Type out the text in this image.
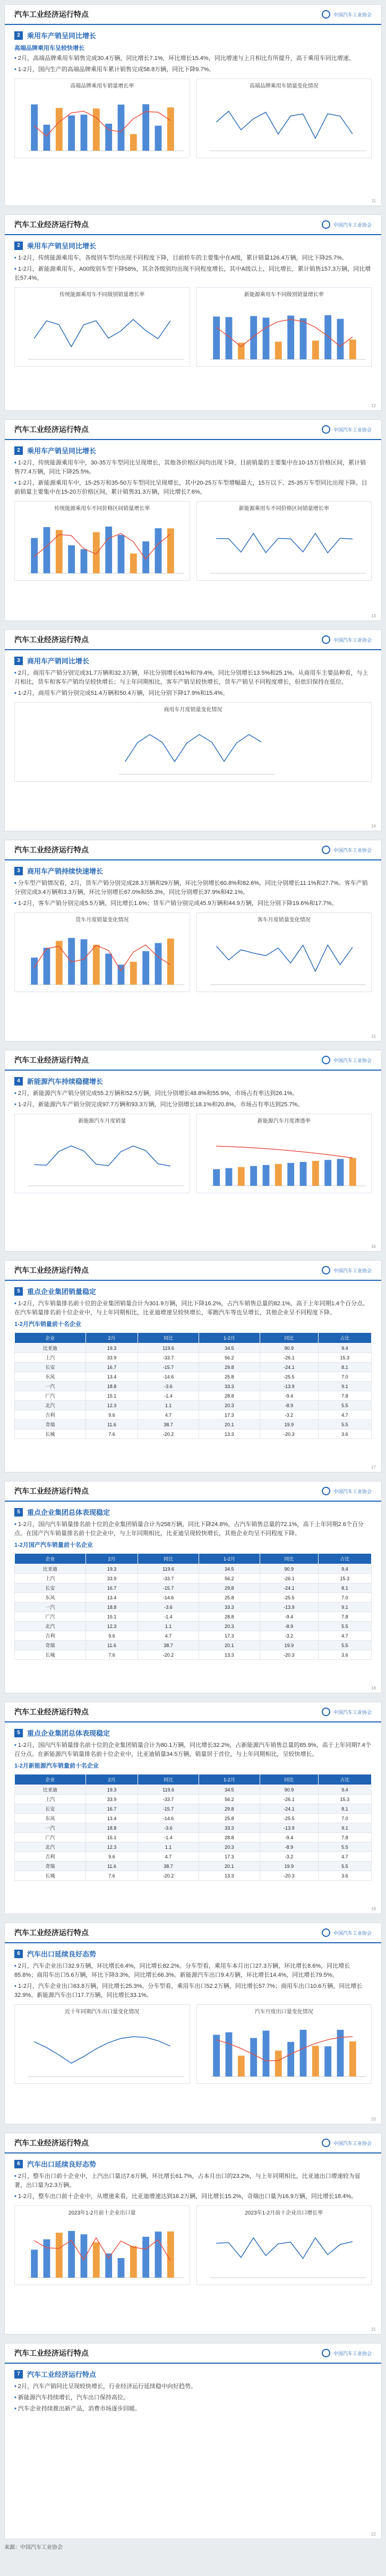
汽车工业经济运行特点	中国汽车工业协会
2	乘用车产销呈同比增长
高端品牌乘用车呈较快增长
• 2月，高端品牌乘用车销售完成30.4万辆，同比增长7.1%，环比增长15.4%，同比增速与上月相比有所提升，高于乘用车同比增速。
• 1-2月，国内生产的高端品牌乘用车累计销售完成58.8万辆，同比下降9.7%。
高端品牌乘用车销量增长率	高端品牌乘用车销量变化情况
11
汽车工业经济运行特点	中国汽车工业协会
2	乘用车产销呈同比增长
• 1-2月，传统能源乘用车，各级别车型均出现不同程度下降，目前轿车的主要集中在A级，累计销量126.4万辆，同比下降25.7%。
• 1-2月，新能源乘用车，A00级别车型下降58%，其余各级别均出现不同程度增长，其中A级以上，同比增长，累计销售157.3万辆，同比增长57.4%。
传统能源乘用车不同级别销量增长率	新能源乘用车不同级别销量增长率
12
汽车工业经济运行特点	中国汽车工业协会
2	乘用车产销呈同比增长
• 1-2月，传统能源乘用车中，30-35万车型同比呈现增长，其他各价格区间均出现下降，目前销量的主要集中在10-15万价格区间，累计销售77.4万辆，同比下降25.5%。
• 1-2月，新能源乘用车中，15-25万和35-50万车型同比呈现增长，其中20-25万车型增幅最大，15万以下、25-35万车型同比出现下降。目前销量主要集中在15-20万价格区间，累计销售31.3万辆，同比增长7.6%。
传统能源乘用车不同价格区间销量增长率	新能源乘用车不同价格区间销量增长率
13
汽车工业经济运行特点	中国汽车工业协会
3	商用车产销同比增长
• 2月，商用车产销分别完成31.7万辆和32.3万辆，环比分别增长61%和79.4%，同比分别增长13.5%和25.1%。从商用车主要品种看，与上月相比，货车和客车产销均呈较快增长；与上年同期相比，客车产销呈较快增长，货车产销呈不同程度增长，但依旧保持在低位。
• 1-2月，商用车产销分别完成51.4万辆和50.4万辆，同比分别下降17.9%和15.4%。
商用车月度销量变化情况
14
汽车工业经济运行特点	中国汽车工业协会
3	商用车产销持续快速增长
• 分车型产销情况看，2月，货车产销分别完成28.3万辆和29万辆，环比分别增长60.8%和82.6%，同比分别增长11.1%和27.7%。客车产销分别完成3.4万辆和3.3万辆，环比分别增长67.0%和55.3%，同比分别增长37.9%和42.1%。
• 1-2月，客车产销分别完成5.5万辆，同比增长1.6%；货车产销分别完成45.9万辆和44.9万辆，同比分别下降19.6%和17.7%。
货车月度销量变化情况	客车月度销量变化情况
15
汽车工业经济运行特点	中国汽车工业协会
4	新能源汽车持续稳健增长
• 2月，新能源汽车产销分别完成55.2万辆和52.5万辆，同比分别增长48.8%和55.9%，市场占有率达到26.1%。
• 1-2月，新能源汽车产销分别完成97.7万辆和93.3万辆，同比分别增长18.1%和20.8%，市场占有率达到25.7%。
新能源汽车月度销量	新能源汽车月度渗透率
16
汽车工业经济运行特点	中国汽车工业协会
5	重点企业集团销量稳定
• 1-2月，汽车销量排名前十位的企业集团销量合计为301.9万辆，同比下降16.2%，占汽车销售总量的82.1%，高于上年同期1.4个百分点。在汽车销量排名前十位企业中，与上年同期相比，比亚迪增速呈较快增长，零跑汽车等也呈增长，其他企业呈不同程度下降。
1-2月汽车销量前十名企业
企业	2月	同比	1-2月	同比	占比
比亚迪	19.3	119.6	34.5	90.9	9.4
上汽	33.9	-33.7	56.2	-26.1	15.3
长安	16.7	-15.7	29.8	-24.1	8.1
东风	13.4	-14.6	25.8	-25.5	7.0
一汽	18.8	-3.6	33.3	-13.9	9.1
广汽	15.1	-1.4	28.8	-9.4	7.8
北汽	12.3	1.1	20.3	-8.9	5.5
吉利	9.6	4.7	17.3	-3.2	4.7
奇瑞	11.6	38.7	20.1	19.9	5.5
长城	7.6	-20.2	13.3	-20.3	3.6
17
汽车工业经济运行特点	中国汽车工业协会
5	重点企业集团总体表现稳定
• 1-2月，国内汽车销量排名前十位的企业集团销量合计为258万辆，同比下降24.8%，占汽车销售总量的72.1%，高于上年同期2.6个百分点。在国产汽车销量排名前十位企业中，与上年同期相比，比亚迪呈现较快增长，其他企业均呈不同程度下降。
1-2月国产汽车销量前十名企业
企业	2月	同比	1-2月	同比	占比
比亚迪	19.3	119.6	34.5	90.9	9.4
上汽	33.9	-33.7	56.2	-26.1	15.3
长安	16.7	-15.7	29.8	-24.1	8.1
东风	13.4	-14.6	25.8	-25.5	7.0
一汽	18.8	-3.6	33.3	-13.9	9.1
广汽	15.1	-1.4	28.8	-9.4	7.8
北汽	12.3	1.1	20.3	-8.9	5.5
吉利	9.6	4.7	17.3	-3.2	4.7
奇瑞	11.6	38.7	20.1	19.9	5.5
长城	7.6	-20.2	13.3	-20.3	3.6
18
汽车工业经济运行特点	中国汽车工业协会
5	重点企业集团总体表现稳定
• 1-2月，国内汽车销量排名前十位的企业集团销量合计为80.1万辆，同比增长32.2%，占新能源汽车销售总量的85.9%，高于上年同期7.4个百分点。在新能源汽车销量排名前十位企业中，比亚迪销量34.5万辆，销量居于首位，与上年同期相比，呈较快增长。
1-2月新能源汽车销量前十名企业
企业	2月	同比	1-2月	同比	占比
比亚迪	19.3	119.6	34.5	90.9	9.4
上汽	33.9	-33.7	56.2	-26.1	15.3
长安	16.7	-15.7	29.8	-24.1	8.1
东风	13.4	-14.6	25.8	-25.5	7.0
一汽	18.8	-3.6	33.3	-13.9	9.1
广汽	15.1	-1.4	28.8	-9.4	7.8
北汽	12.3	1.1	20.3	-8.9	5.5
吉利	9.6	4.7	17.3	-3.2	4.7
奇瑞	11.6	38.7	20.1	19.9	5.5
长城	7.6	-20.2	13.3	-20.3	3.6
19
汽车工业经济运行特点	中国汽车工业协会
6	汽车出口延续良好态势
• 2月，汽车企业出口32.9万辆，环比增长6.4%，同比增长82.2%。分车型看，乘用车本月出口27.3万辆，环比增长8.6%，同比增长85.8%；商用车出口5.6万辆，环比下降3.3%，同比增长66.3%。新能源汽车出口9.4万辆，环比增长14.4%，同比增长79.5%。
• 1-2月，汽车企业出口63.8万辆，同比增长25.3%。分车型看，乘用车出口52.2万辆，同比增长57.7%；商用车出口10.6万辆，同比增长32.9%。新能源汽车出口17.7万辆，同比增长33.1%。
近十年同期汽车出口量变化情况	汽车月度出口量变化情况
20
汽车工业经济运行特点	中国汽车工业协会
6	汽车出口延续良好态势
• 2月，整车出口前十企业中，上汽出口量达7.6万辆，环比增长61.7%，占本月出口的23.2%，与上年同期相比，比亚迪出口增速较为显著，出口量为2.3万辆。
• 1-2月，整车出口前十企业中，从增速来看，比亚迪增速达到16.2万辆，同比增长15.2%，奇瑞出口量为16.9万辆，同比增长18.4%。
2023年1-2月前十企业出口量	2023年1-2月前十企业出口增长率
21
汽车工业经济运行特点	中国汽车工业协会
7	汽车工业经济运行特点
• 2月，汽车产销同比呈现较快增长，行业经济运行延续稳中向好趋势。
• 新能源汽车持续增长，汽车出口保持高位。
• 汽车企业持续推出新产品，消费市场逐步回暖。
22
来源：中国汽车工业协会
